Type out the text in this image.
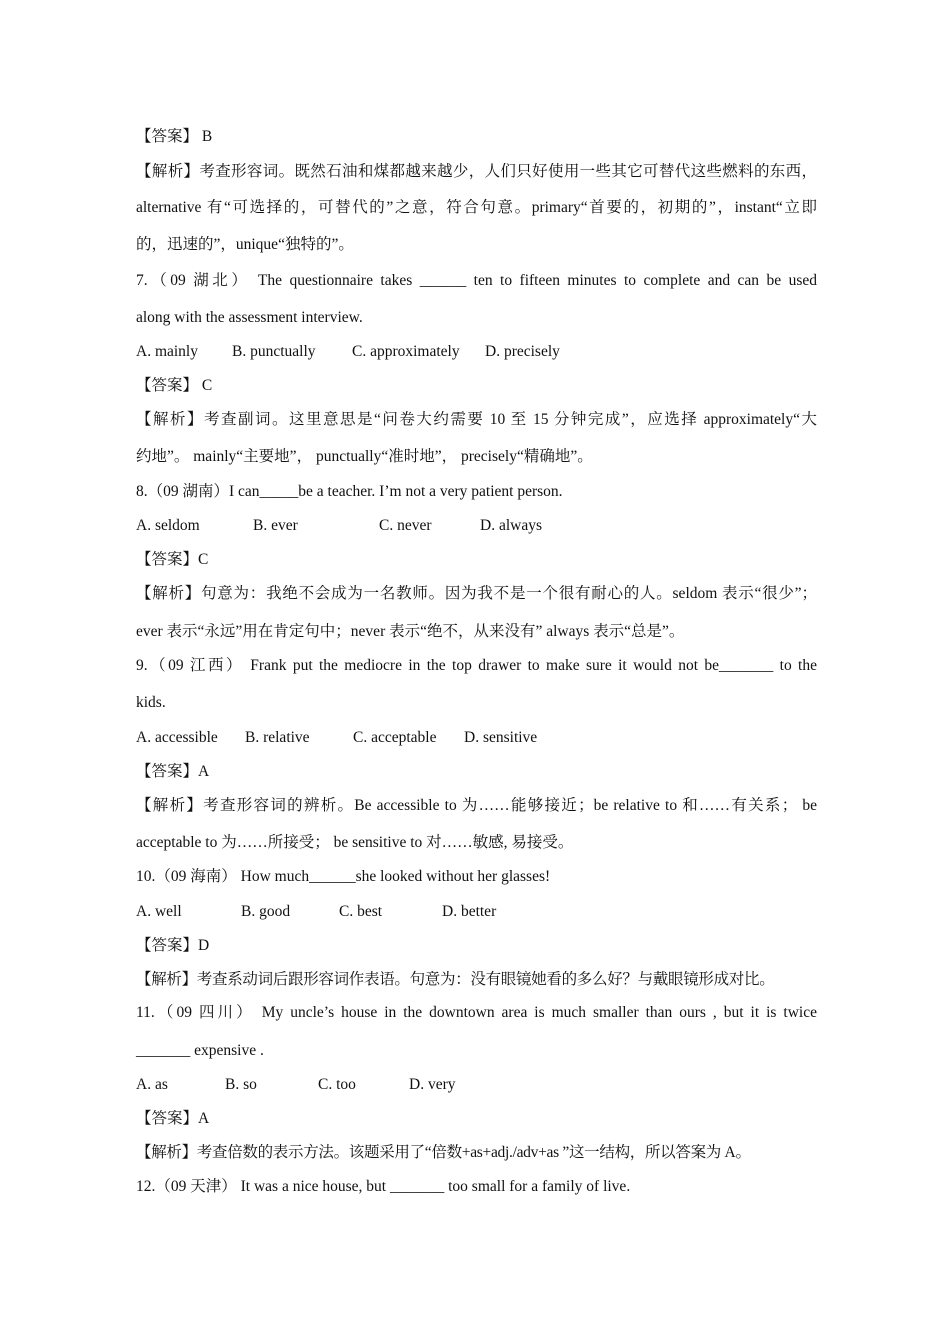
【答案】 B

【解析】考查形容词。既然石油和煤都越来越少，人们只好使用一些其它可替代这些燃料的东西，

alternative 有“可选择的，可替代的”之意，符合句意。primary“首要的，初期的”，instant“立即

的，迅速的”，unique“独特的”。

7.（09 湖北） The questionnaire takes ______ ten to fifteen minutes to complete and can be used

along with the assessment interview.

A. mainly B. punctually C. approximately D. precisely

【答案】 C

【解析】考查副词。这里意思是“问卷大约需要 10 至 15 分钟完成”，应选择 approximately“大

约地”。 mainly“主要地”， punctually“准时地”， precisely“精确地”。

8.（09 湖南）I can_____be a teacher. I’m not a very patient person.

A. seldom	B. ever	C. never	D. always

【答案】C

【解析】句意为：我绝不会成为一名教师。因为我不是一个很有耐心的人。seldom 表示“很少”；

ever 表示“永远”用在肯定句中；never 表示“绝不，从来没有” always 表示“总是”。

9.（09 江西） Frank put the mediocre in the top drawer to make sure it would not be_______ to the

kids.

A. accessible B. relative	C. acceptable D. sensitive

【答案】A

【解析】考查形容词的辨析。Be accessible to 为……能够接近；be relative to 和……有关系； be

acceptable to 为……所接受； be sensitive to 对……敏感, 易接受。

10.（09 海南） How much______she looked without her glasses!

A. well	B. good	C. best	D. better

【答案】D

【解析】考查系动词后跟形容词作表语。句意为：没有眼镜她看的多么好？与戴眼镜形成对比。

11.（09 四川） My uncle’s house in the downtown area is much smaller than ours , but it is twice

_______ expensive .

A. as	B. so	C. too	D. very

【答案】A

【解析】考查倍数的表示方法。该题采用了“倍数+as+adj./adv+as ”这一结构，所以答案为 A。

12.（09 天津） It was a nice house, but _______ too small for a family of live.
